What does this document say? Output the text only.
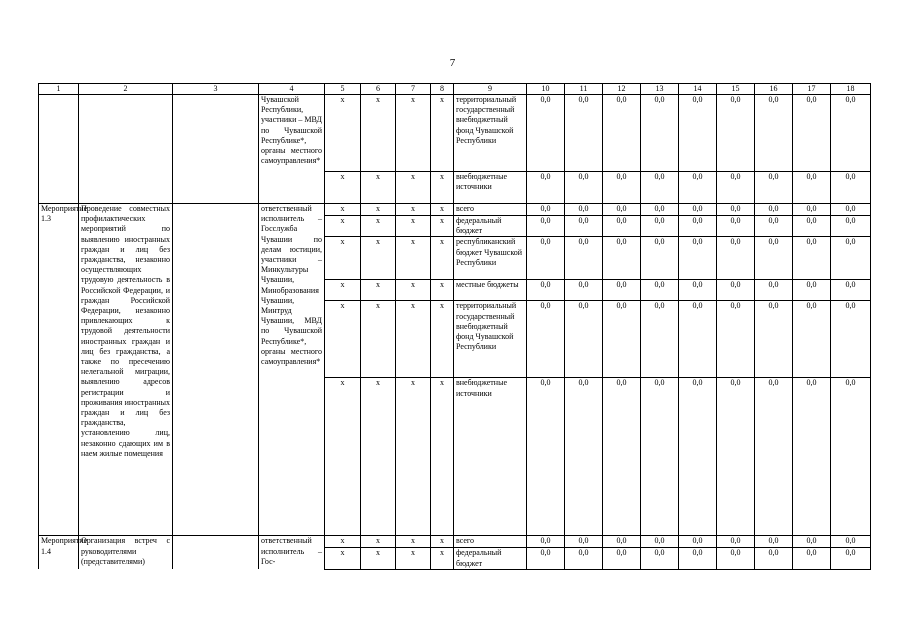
7
1	2	3	4	5	6	7	8	9	10	11	12	13	14	15	16	17	18
			Чувашской Республики, участники – МВД по Чувашской Республике*, органы местного самоуправления*	x	x	x	x	территориальный государственный внебюджетный фонд Чувашской Республики	0,0	0,0	0,0	0,0	0,0	0,0	0,0	0,0	0,0
				x	x	x	x	внебюджетные источники	0,0	0,0	0,0	0,0	0,0	0,0	0,0	0,0	0,0
Мероприятие 1.3	Проведение совместных профилактических мероприятий по выявлению иностранных граждан и лиц без гражданства, незаконно осуществляющих трудовую деятельность в Российской Федерации, и граждан Российской Федерации, незаконно привлекающих к трудовой деятельности иностранных граждан и лиц без гражданства, а также по пресечению нелегальной миграции, выявлению адресов регистрации и проживания иностранных граждан и лиц без гражданства, установлению лиц, незаконно сдающих им в наем жилые помещения		ответственный исполнитель – Госслужба Чувашии по делам юстиции, участники – Минкультуры Чувашии, Минобразования Чувашии, Минтруд Чувашии, МВД по Чувашской Республике*, органы местного самоуправления*	x	x	x	x	всего	0,0	0,0	0,0	0,0	0,0	0,0	0,0	0,0	0,0
				x	x	x	x	федеральный бюджет	0,0	0,0	0,0	0,0	0,0	0,0	0,0	0,0	0,0
				x	x	x	x	республиканский бюджет Чувашской Республики	0,0	0,0	0,0	0,0	0,0	0,0	0,0	0,0	0,0
				x	x	x	x	местные бюджеты	0,0	0,0	0,0	0,0	0,0	0,0	0,0	0,0	0,0
				x	x	x	x	территориальный государственный внебюджетный фонд Чувашской Республики	0,0	0,0	0,0	0,0	0,0	0,0	0,0	0,0	0,0
				x	x	x	x	внебюджетные источники	0,0	0,0	0,0	0,0	0,0	0,0	0,0	0,0	0,0
Мероприятие 1.4	Организация встреч с руководителями (представителями)		ответственный исполнитель – Гос-	x	x	x	x	всего	0,0	0,0	0,0	0,0	0,0	0,0	0,0	0,0	0,0
				x	x	x	x	федеральный бюджет	0,0	0,0	0,0	0,0	0,0	0,0	0,0	0,0	0,0
